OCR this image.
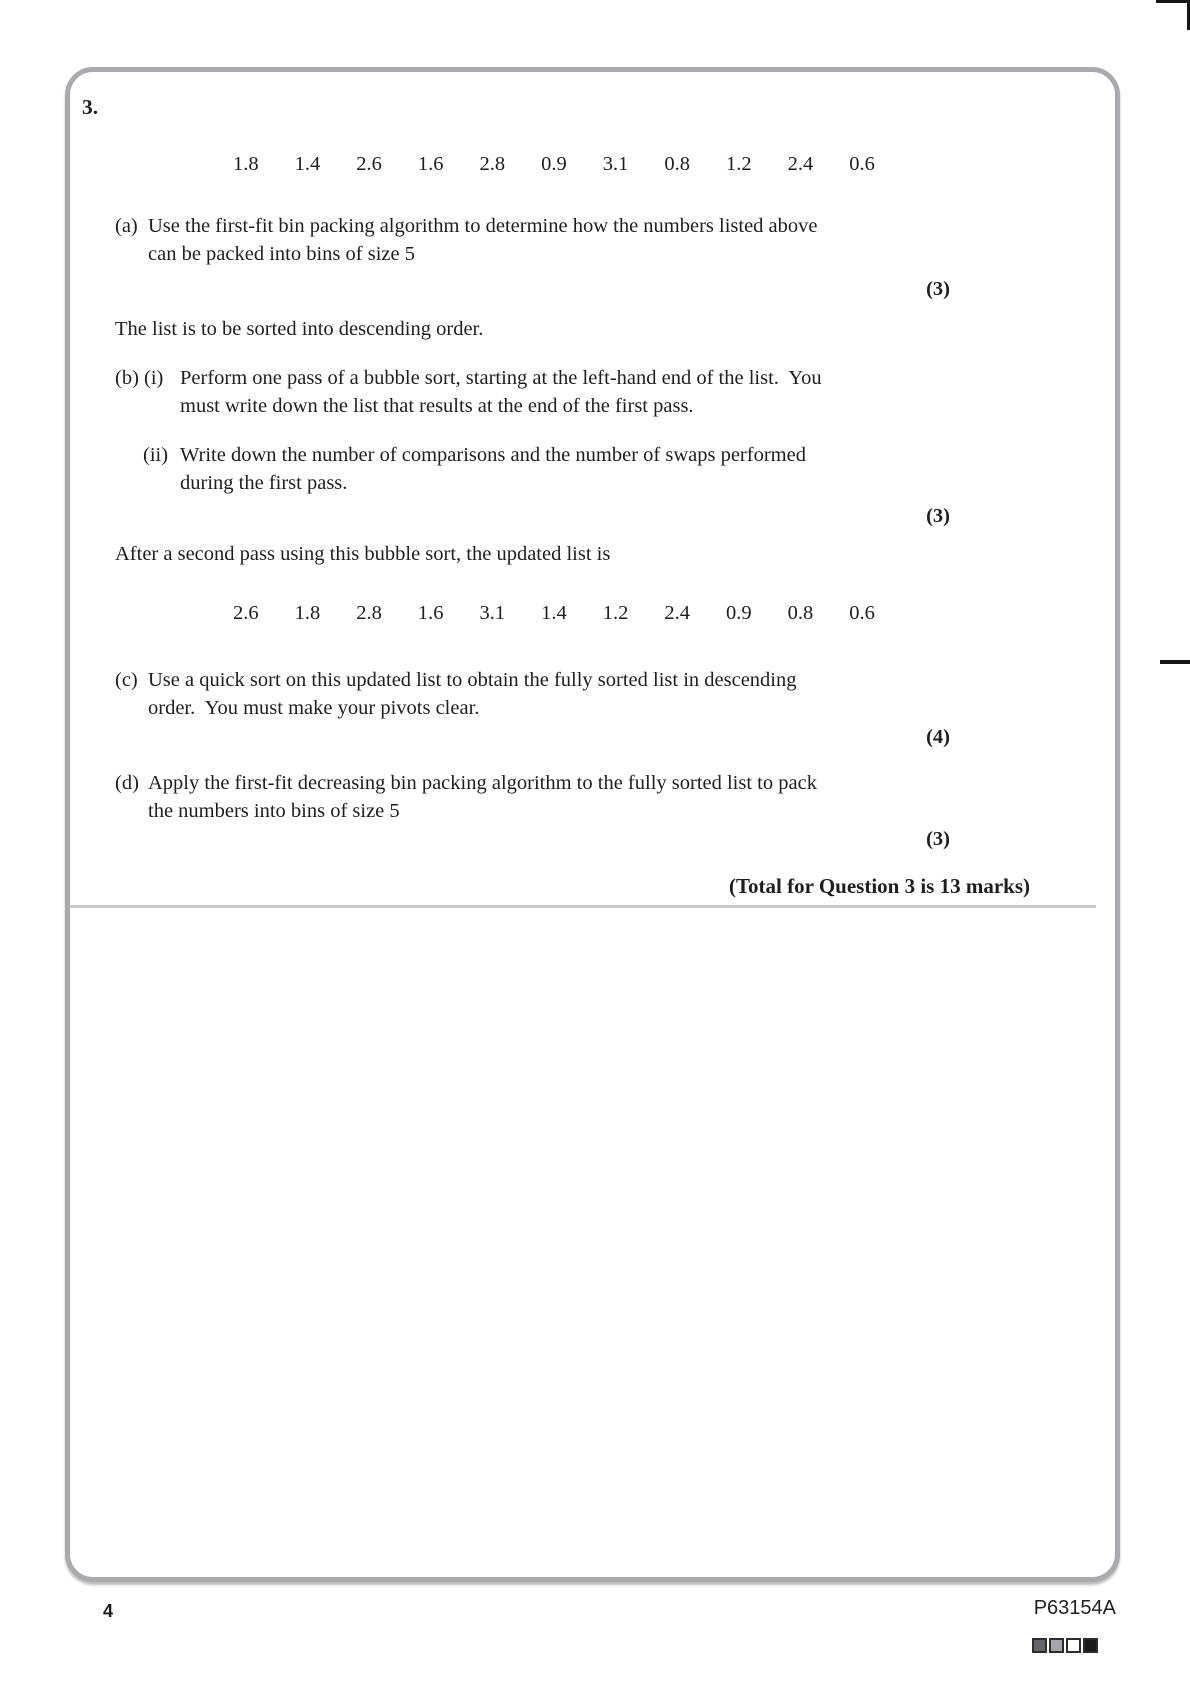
3.
1.8 1.4 2.6 1.6 2.8 0.9 3.1 0.8 1.2 2.4 0.6
(a) Use the first-fit bin packing algorithm to determine how the numbers listed above
can be packed into bins of size 5
(3)
The list is to be sorted into descending order.
(b) (i) Perform one pass of a bubble sort, starting at the left-hand end of the list.  You
must write down the list that results at the end of the first pass.
(ii) Write down the number of comparisons and the number of swaps performed
during the first pass.
(3)
After a second pass using this bubble sort, the updated list is
2.6 1.8 2.8 1.6 3.1 1.4 1.2 2.4 0.9 0.8 0.6
(c) Use a quick sort on this updated list to obtain the fully sorted list in descending
order.  You must make your pivots clear.
(4)
(d) Apply the first-fit decreasing bin packing algorithm to the fully sorted list to pack
the numbers into bins of size 5
(3)
(Total for Question 3 is 13 marks)
4	P63154A
